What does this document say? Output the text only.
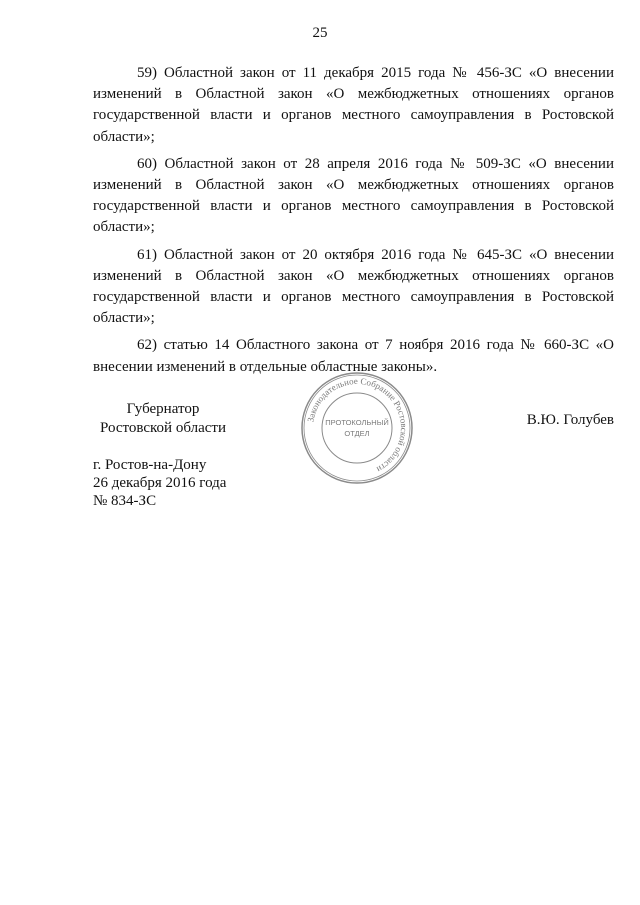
25

59) Областной закон от 11 декабря 2015 года № 456-ЗС «О внесении изменений в Областной закон «О межбюджетных отношениях органов государственной власти и органов местного самоуправления в Ростовской области»;

60) Областной закон от 28 апреля 2016 года № 509-ЗС «О внесении изменений в Областной закон «О межбюджетных отношениях органов государственной власти и органов местного самоуправления в Ростовской области»;

61) Областной закон от 20 октября 2016 года № 645-ЗС «О внесении изменений в Областной закон «О межбюджетных отношениях органов государственной власти и органов местного самоуправления в Ростовской области»;

62) статью 14 Областного закона от 7 ноября 2016 года № 660-ЗС «О внесении изменений в отдельные областные законы».

Губернатор
Ростовской области
Законодательное Собрание Ростовской области
ПРОТОКОЛЬНЫЙ
ОТДЕЛ
В.Ю. Голубев
г. Ростов-на-Дону
26 декабря 2016 года
№ 834-ЗС
